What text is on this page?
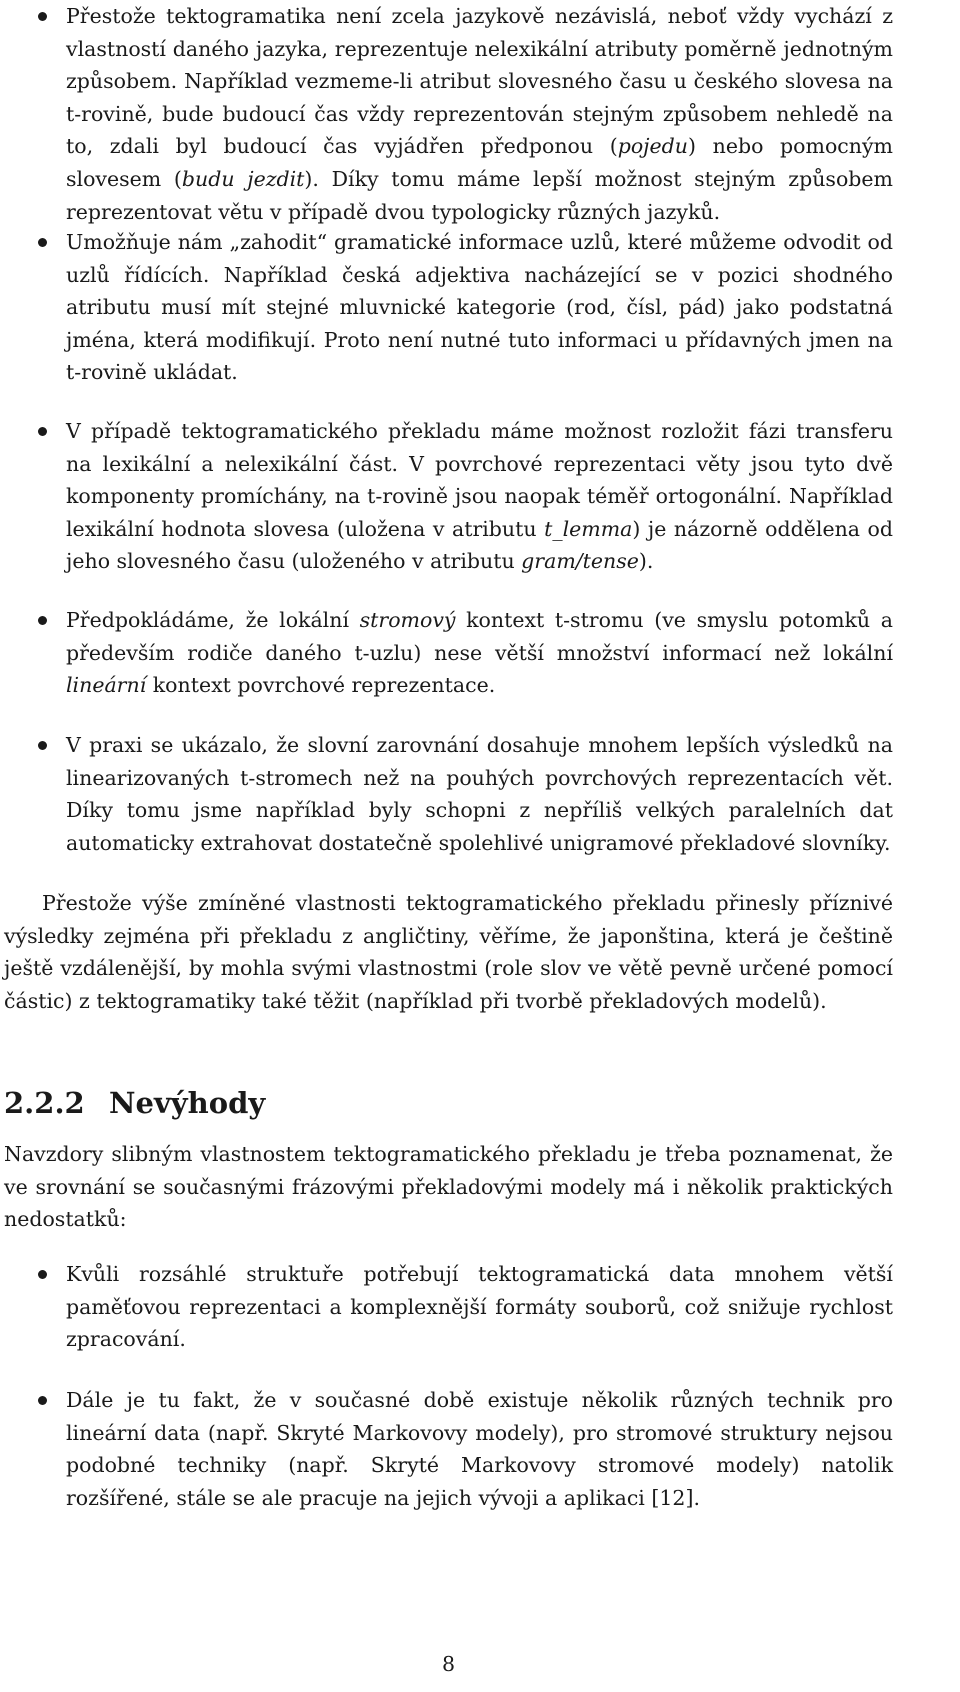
Přestože tektogramatika není zcela jazykově nezávislá, neboť vždy vychází z vlastností daného jazyka, reprezentuje nelexikální atributy poměrně jednotným způsobem. Například vezmeme-li atribut slovesného času u českého slovesa na t-rovině, bude budoucí čas vždy reprezentován stejným způsobem nehledě na to, zdali byl budoucí čas vyjádřen předponou (pojedu) nebo pomocným slovesem (budu jezdit). Díky tomu máme lepší možnost stejným způsobem reprezentovat větu v případě dvou typologicky různých jazyků.
Umožňuje nám „zahodit“ gramatické informace uzlů, které můžeme odvodit od uzlů řídících. Například česká adjektiva nacházející se v pozici shodného atributu musí mít stejné mluvnické kategorie (rod, čísl, pád) jako podstatná jména, která modifikují. Proto není nutné tuto informaci u přídavných jmen na t-rovině ukládat.
V případě tektogramatického překladu máme možnost rozložit fázi transferu na lexikální a nelexikální část. V povrchové reprezentaci věty jsou tyto dvě komponenty promíchány, na t-rovině jsou naopak téměř ortogonální. Například lexikální hodnota slovesa (uložena v atributu t_lemma) je názorně oddělena od jeho slovesného času (uloženého v atributu gram/tense).
Předpokládáme, že lokální stromový kontext t-stromu (ve smyslu potomků a především rodiče daného t-uzlu) nese větší množství informací než lokální lineární kontext povrchové reprezentace.
V praxi se ukázalo, že slovní zarovnání dosahuje mnohem lepších výsledků na linearizovaných t-stromech než na pouhých povrchových reprezentacích vět. Díky tomu jsme například byly schopni z nepříliš velkých paralelních dat automaticky extrahovat dostatečně spolehlivé unigramové překladové slovníky.

Přestože výše zmíněné vlastnosti tektogramatického překladu přinesly příznivé výsledky zejména při překladu z angličtiny, věříme, že japonština, která je češtině ještě vzdálenější, by mohla svými vlastnostmi (role slov ve větě pevně určené pomocí částic) z tektogramatiky také těžit (například při tvorbě překladových modelů).

2.2.2 Nevýhody

Navzdory slibným vlastnostem tektogramatického překladu je třeba poznamenat, že ve srovnání se současnými frázovými překladovými modely má i několik praktických nedostatků:

Kvůli rozsáhlé struktuře potřebují tektogramatická data mnohem větší paměťovou reprezentaci a komplexnější formáty souborů, což snižuje rychlost zpracování.
Dále je tu fakt, že v současné době existuje několik různých technik pro lineární data (např. Skryté Markovovy modely), pro stromové struktury nejsou podobné techniky (např. Skryté Markovovy stromové modely) natolik rozšířené, stále se ale pracuje na jejich vývoji a aplikaci [12].
8
